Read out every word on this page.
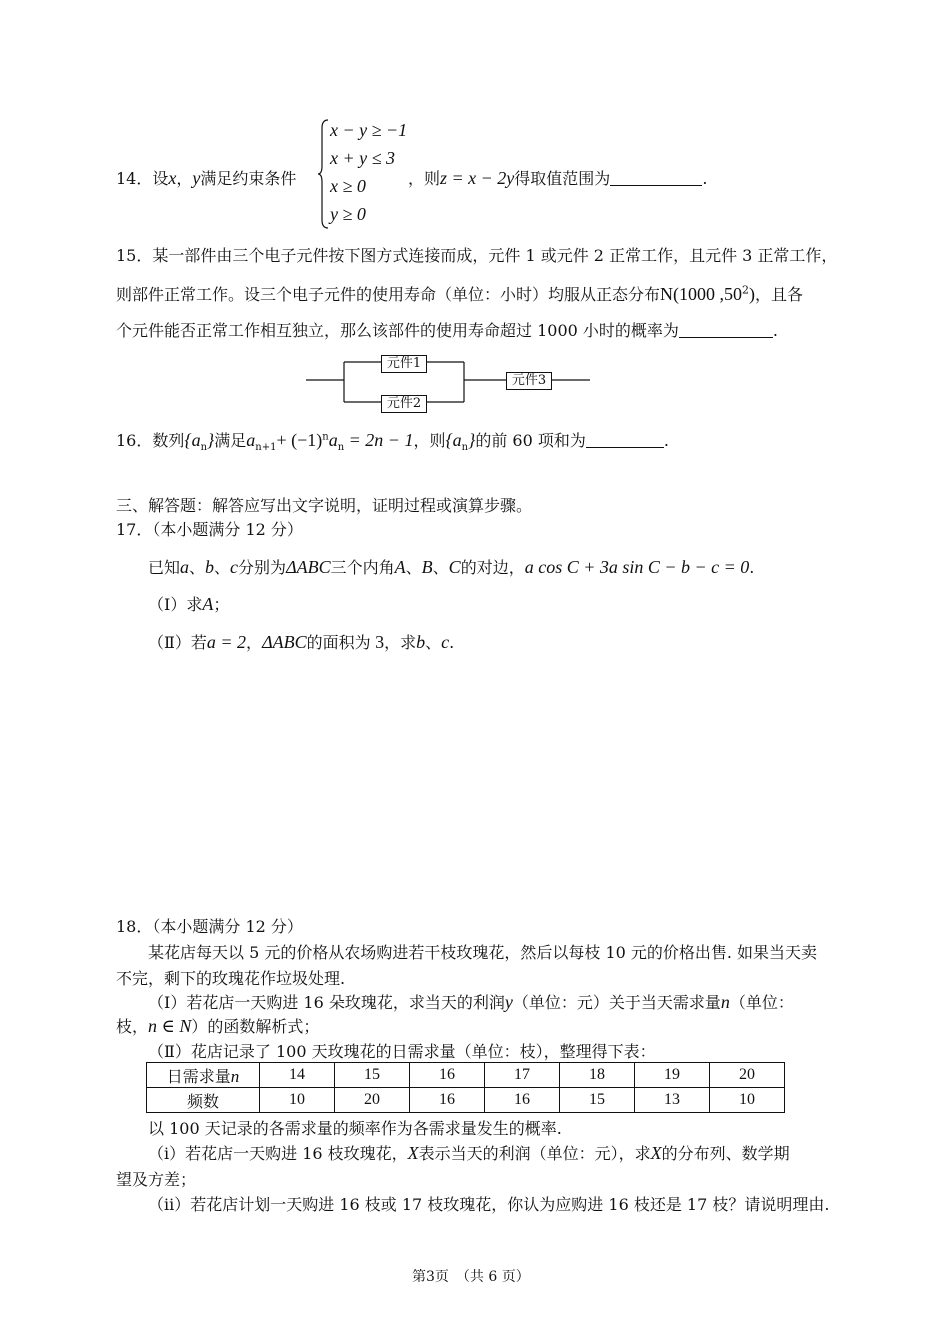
14．设x，y满足约束条件
x − y ≥ −1
x + y ≤ 3
x ≥ 0
y ≥ 0
，则z = x − 2y得取值范围为	.
15．某一部件由三个电子元件按下图方式连接而成，元件 1 或元件 2 正常工作，且元件 3 正常工作，
则部件正常工作。设三个电子元件的使用寿命（单位：小时）均服从正态分布N(1000 $,50^2$)，且各
个元件能否正常工作相互独立，那么该部件的使用寿命超过 1000 小时的概率为	.
元件1
元件2
元件3
16．数列$\{a_n\}$满足$a_{n+1}+ (-1)^na_n = 2n - 1$，则$\{a_n\}$的前 60 项和为	.
三、解答题：解答应写出文字说明，证明过程或演算步骤。
17．（本小题满分 12 分）
已知a、b、c分别为ΔABC三个内角A、B、C的对边，a cos C + 3a sin C − b − c = 0.
（Ⅰ）求A；
（Ⅱ）若a = 2，ΔABC的面积为 3，求b、c.
18．（本小题满分 12 分）
某花店每天以 5 元的价格从农场购进若干枝玫瑰花，然后以每枝 10 元的价格出售. 如果当天卖
不完，剩下的玫瑰花作垃圾处理.
（Ⅰ）若花店一天购进 16 朵玫瑰花，求当天的利润y（单位：元）关于当天需求量n（单位：
枝，n ∈ N）的函数解析式；
（Ⅱ）花店记录了 100 天玫瑰花的日需求量（单位：枝），整理得下表：
日需求量n	14	15	16	17	18	19	20	
频数	10	20	16	16	15	13	10	
以 100 天记录的各需求量的频率作为各需求量发生的概率.
（ⅰ）若花店一天购进 16 枝玫瑰花，X表示当天的利润（单位：元），求X的分布列、数学期
望及方差；
（ⅱ）若花店计划一天购进 16 枝或 17 枝玫瑰花，你认为应购进 16 枝还是 17 枝？请说明理由.
第3页　（共 6 页）
